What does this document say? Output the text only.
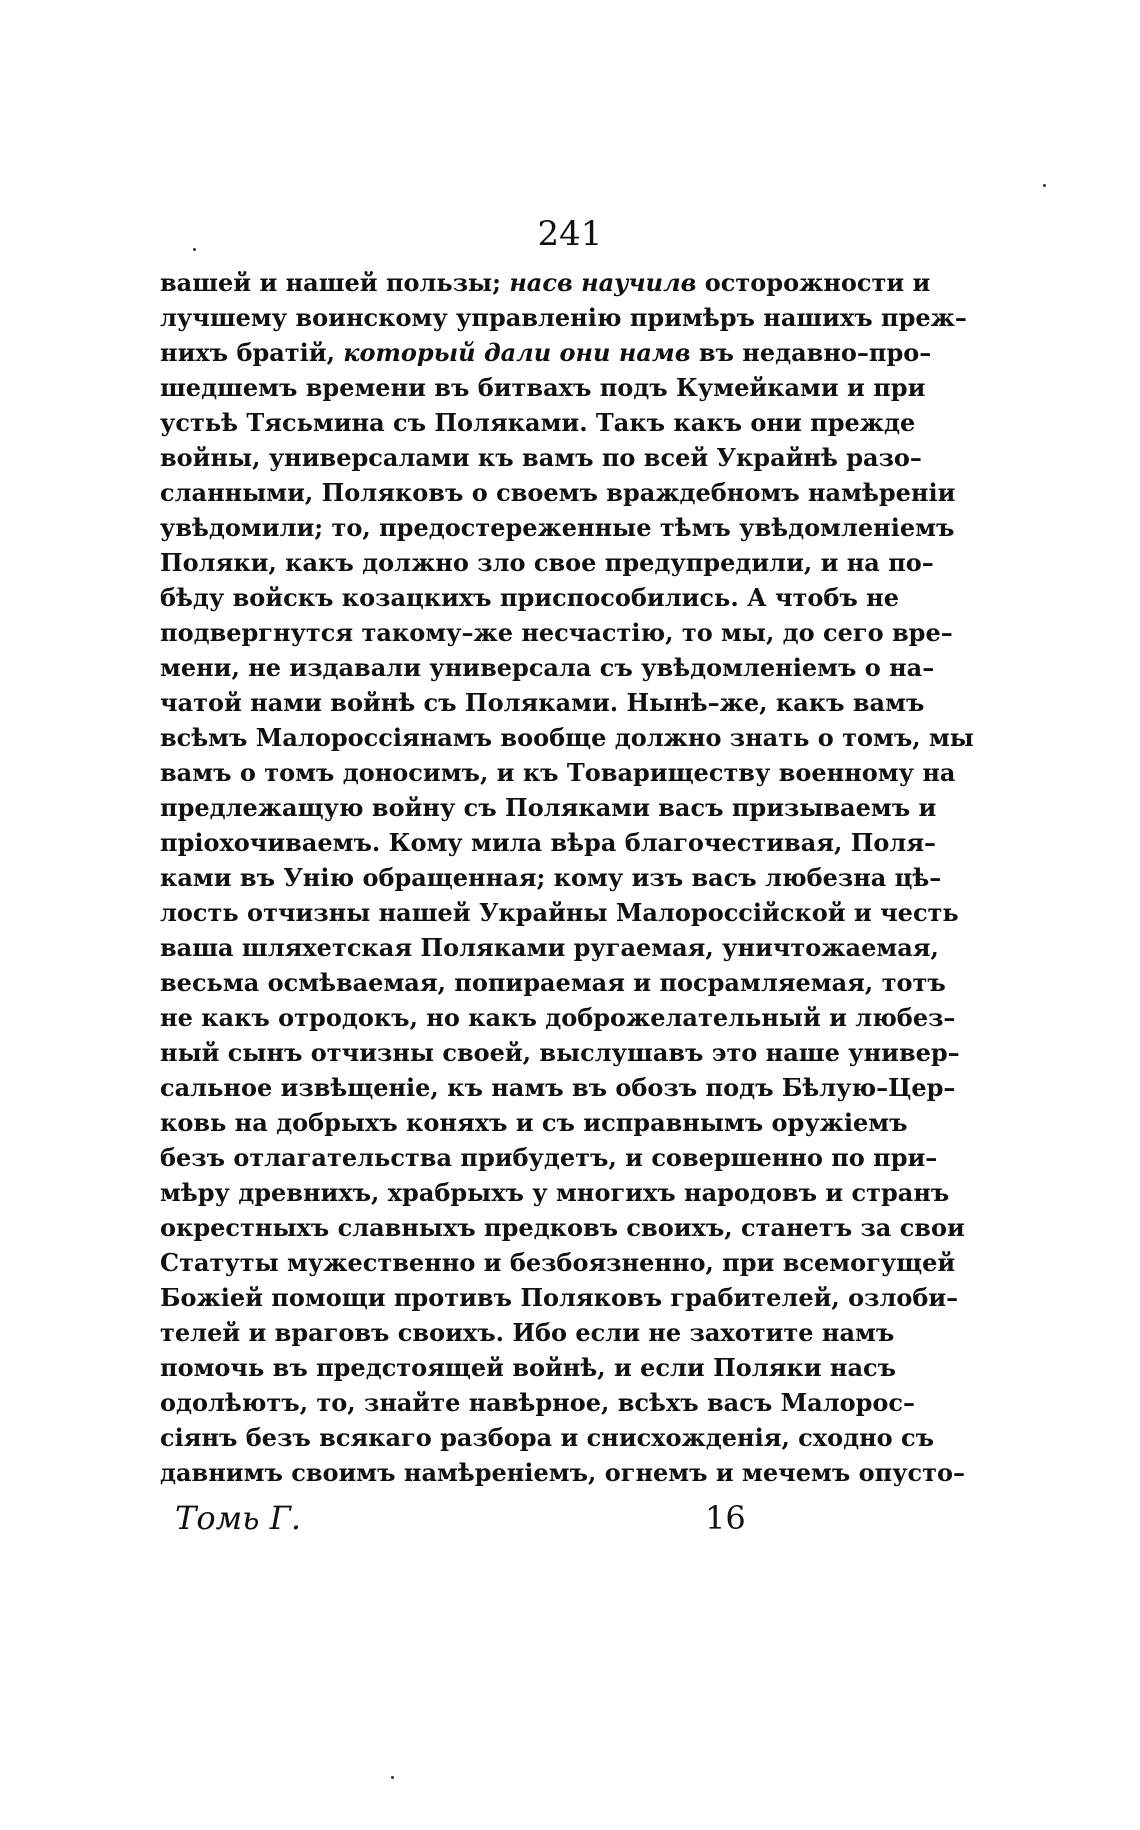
241
вашей и нашей пользы; насв научилв осторожности и
лучшему воинскому управленію примѣръ нашихъ преж–
нихъ братій, который дали они намв въ недавно–про–
шедшемъ времени въ битвахъ подъ Кумейками и при
устьѣ Тясьмина съ Поляками. Такъ какъ они прежде
войны, универсалами къ вамъ по всей Украйнѣ разо–
сланными, Поляковъ о своемъ враждебномъ намѣреніи
увѣдомили; то, предостереженные тѣмъ увѣдомленіемъ
Поляки, какъ должно зло свое предупредили, и на по–
бѣду войскъ козацкихъ приспособились. А чтобъ не
подвергнутся такому–же несчастію, то мы, до сего вре–
мени, не издавали универсала съ увѣдомленіемъ о на–
чатой нами войнѣ съ Поляками. Нынѣ–же, какъ вамъ
всѣмъ Малороссіянамъ вообще должно знать о томъ, мы
вамъ о томъ доносимъ, и къ Товариществу военному на
предлежащую войну съ Поляками васъ призываемъ и
пріохочиваемъ. Кому мила вѣра благочестивая, Поля–
ками въ Унію обращенная; кому изъ васъ любезна цѣ–
лость отчизны нашей Украйны Малороссійской и честь
ваша шляхетская Поляками ругаемая, уничтожаемая,
весьма осмѣваемая, попираемая и посрамляемая, тотъ
не какъ отродокъ, но какъ доброжелательный и любез–
ный сынъ отчизны своей, выслушавъ это наше универ–
сальное извѣщеніе, къ намъ въ обозъ подъ Бѣлую–Цер–
ковь на добрыхъ коняхъ и съ исправнымъ оружіемъ
безъ отлагательства прибудетъ, и совершенно по при–
мѣру древнихъ, храбрыхъ у многихъ народовъ и странъ
окрестныхъ славныхъ предковъ своихъ, станетъ за свои
Статуты мужественно и безбоязненно, при всемогущей
Божіей помощи противъ Поляковъ грабителей, озлоби–
телей и враговъ своихъ. Ибо если не захотите намъ
помочь въ предстоящей войнѣ, и если Поляки насъ
одолѣютъ, то, знайте навѣрное, всѣхъ васъ Малорос–
сіянъ безъ всякаго разбора и снисхожденія, сходно съ
давнимъ своимъ намѣреніемъ, огнемъ и мечемъ опусто–
Томь Г.	16
